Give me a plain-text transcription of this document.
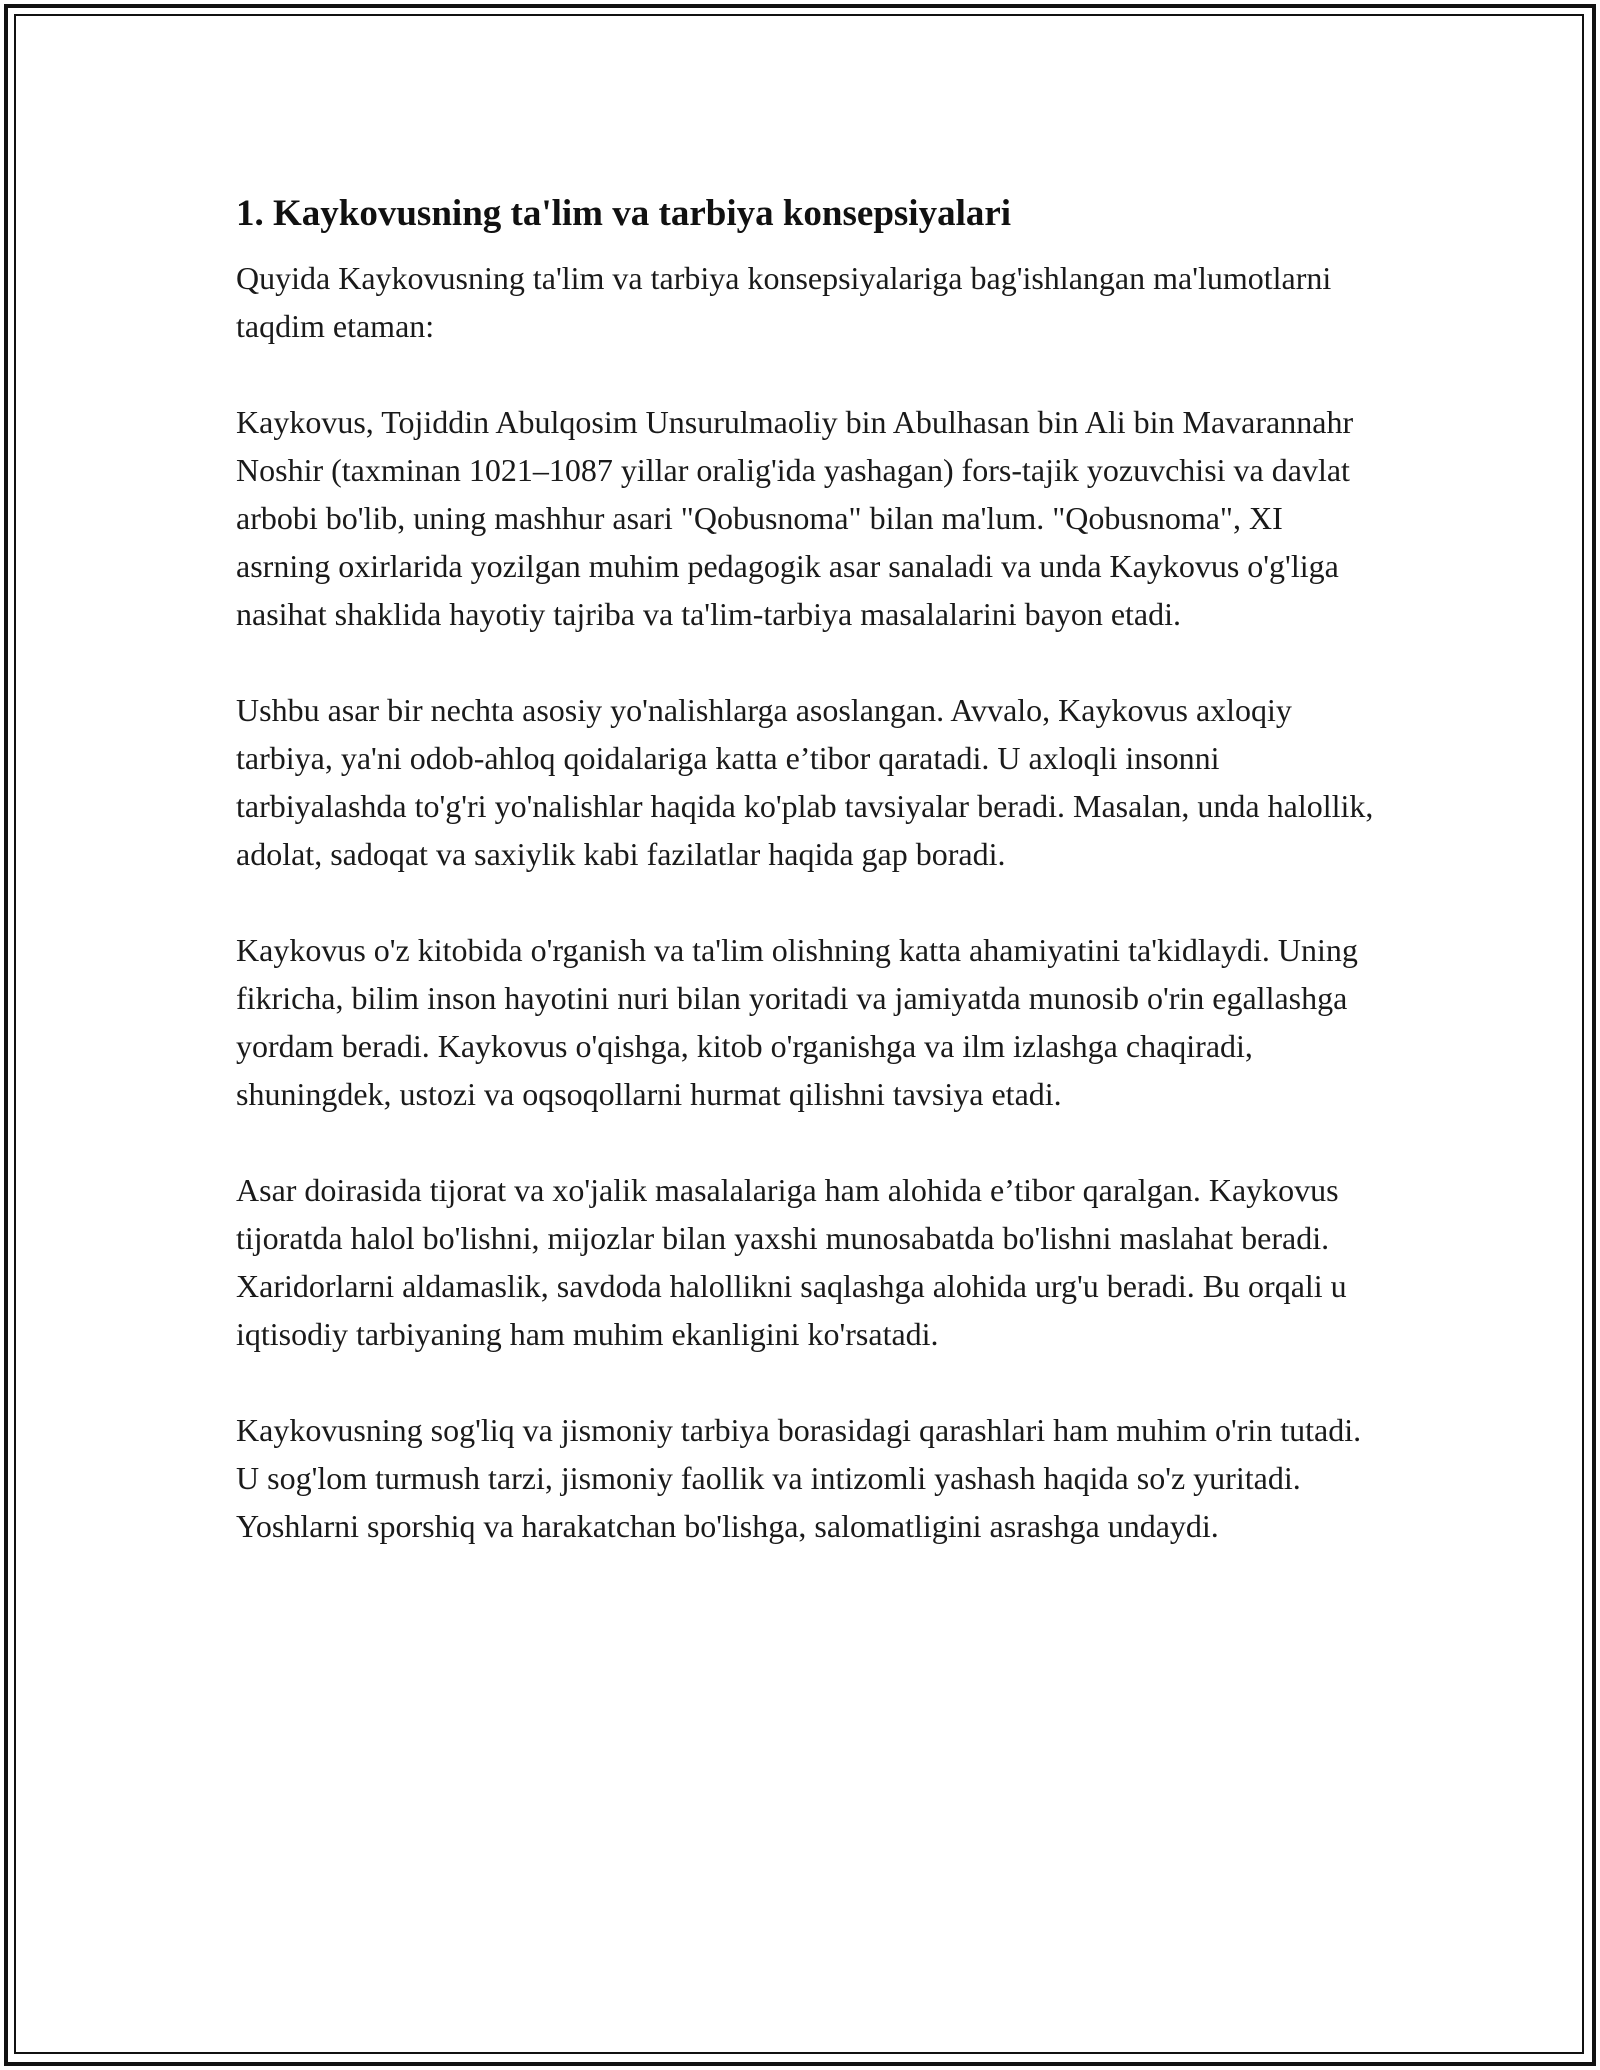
1. Kaykovusning ta'lim va tarbiya konsepsiyalari

Quyida Kaykovusning ta'lim va tarbiya konsepsiyalariga bag'ishlangan ma'lumotlarni taqdim etaman:

Kaykovus, Tojiddin Abulqosim Unsurulmaoliy bin Abulhasan bin Ali bin Mavarannahr Noshir (taxminan 1021–1087 yillar oralig'ida yashagan) fors-tajik yozuvchisi va davlat arbobi bo'lib, uning mashhur asari "Qobusnoma" bilan ma'lum. "Qobusnoma", XI asrning oxirlarida yozilgan muhim pedagogik asar sanaladi va unda Kaykovus o'g'liga nasihat shaklida hayotiy tajriba va ta'lim-tarbiya masalalarini bayon etadi.

Ushbu asar bir nechta asosiy yo'nalishlarga asoslangan. Avvalo, Kaykovus axloqiy tarbiya, ya'ni odob-ahloq qoidalariga katta e’tibor qaratadi. U axloqli insonni tarbiyalashda to'g'ri yo'nalishlar haqida ko'plab tavsiyalar beradi. Masalan, unda halollik, adolat, sadoqat va saxiylik kabi fazilatlar haqida gap boradi.

Kaykovus o'z kitobida o'rganish va ta'lim olishning katta ahamiyatini ta'kidlaydi. Uning fikricha, bilim inson hayotini nuri bilan yoritadi va jamiyatda munosib o'rin egallashga yordam beradi. Kaykovus o'qishga, kitob o'rganishga va ilm izlashga chaqiradi, shuningdek, ustozi va oqsoqollarni hurmat qilishni tavsiya etadi.

Asar doirasida tijorat va xo'jalik masalalariga ham alohida e’tibor qaralgan. Kaykovus tijoratda halol bo'lishni, mijozlar bilan yaxshi munosabatda bo'lishni maslahat beradi. Xaridorlarni aldamaslik, savdoda halollikni saqlashga alohida urg'u beradi. Bu orqali u iqtisodiy tarbiyaning ham muhim ekanligini ko'rsatadi.

Kaykovusning sog'liq va jismoniy tarbiya borasidagi qarashlari ham muhim o'rin tutadi. U sog'lom turmush tarzi, jismoniy faollik va intizomli yashash haqida so'z yuritadi. Yoshlarni sporshiq va harakatchan bo'lishga, salomatligini asrashga undaydi.
